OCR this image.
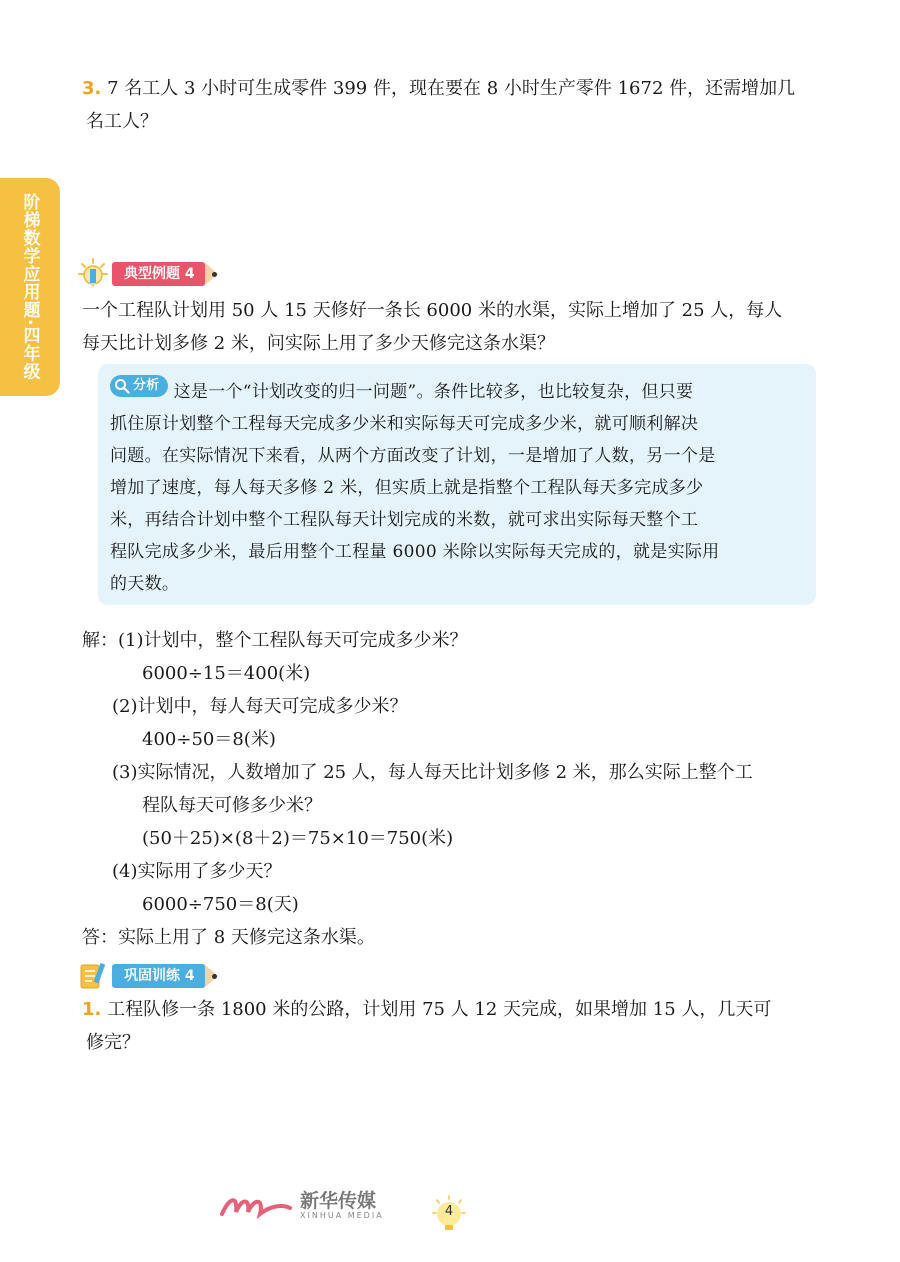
阶梯数学应用题·四年级
3. 7 名工人 3 小时可生成零件 399 件，现在要在 8 小时生产零件 1672 件，还需增加几
名工人？
典型例题 4
一个工程队计划用 50 人 15 天修好一条长 6000 米的水渠，实际上增加了 25 人，每人
每天比计划多修 2 米，问实际上用了多少天修完这条水渠？
分析 这是一个“计划改变的归一问题”。条件比较多，也比较复杂，但只要
抓住原计划整个工程每天完成多少米和实际每天可完成多少米，就可顺利解决
问题。在实际情况下来看，从两个方面改变了计划，一是增加了人数，另一个是
增加了速度，每人每天多修 2 米，但实质上就是指整个工程队每天多完成多少
米，再结合计划中整个工程队每天计划完成的米数，就可求出实际每天整个工
程队完成多少米，最后用整个工程量 6000 米除以实际每天完成的，就是实际用
的天数。
解：(1)计划中，整个工程队每天可完成多少米？
6000÷15＝400(米)
(2)计划中，每人每天可完成多少米？
400÷50＝8(米)
(3)实际情况，人数增加了 25 人，每人每天比计划多修 2 米，那么实际上整个工
程队每天可修多少米？
(50＋25)×(8＋2)＝75×10＝750(米)
(4)实际用了多少天？
6000÷750＝8(天)
答：实际上用了 8 天修完这条水渠。
巩固训练 4
1. 工程队修一条 1800 米的公路，计划用 75 人 12 天完成，如果增加 15 人，几天可
修完？
新华传媒
XINHUA MEDIA	4
